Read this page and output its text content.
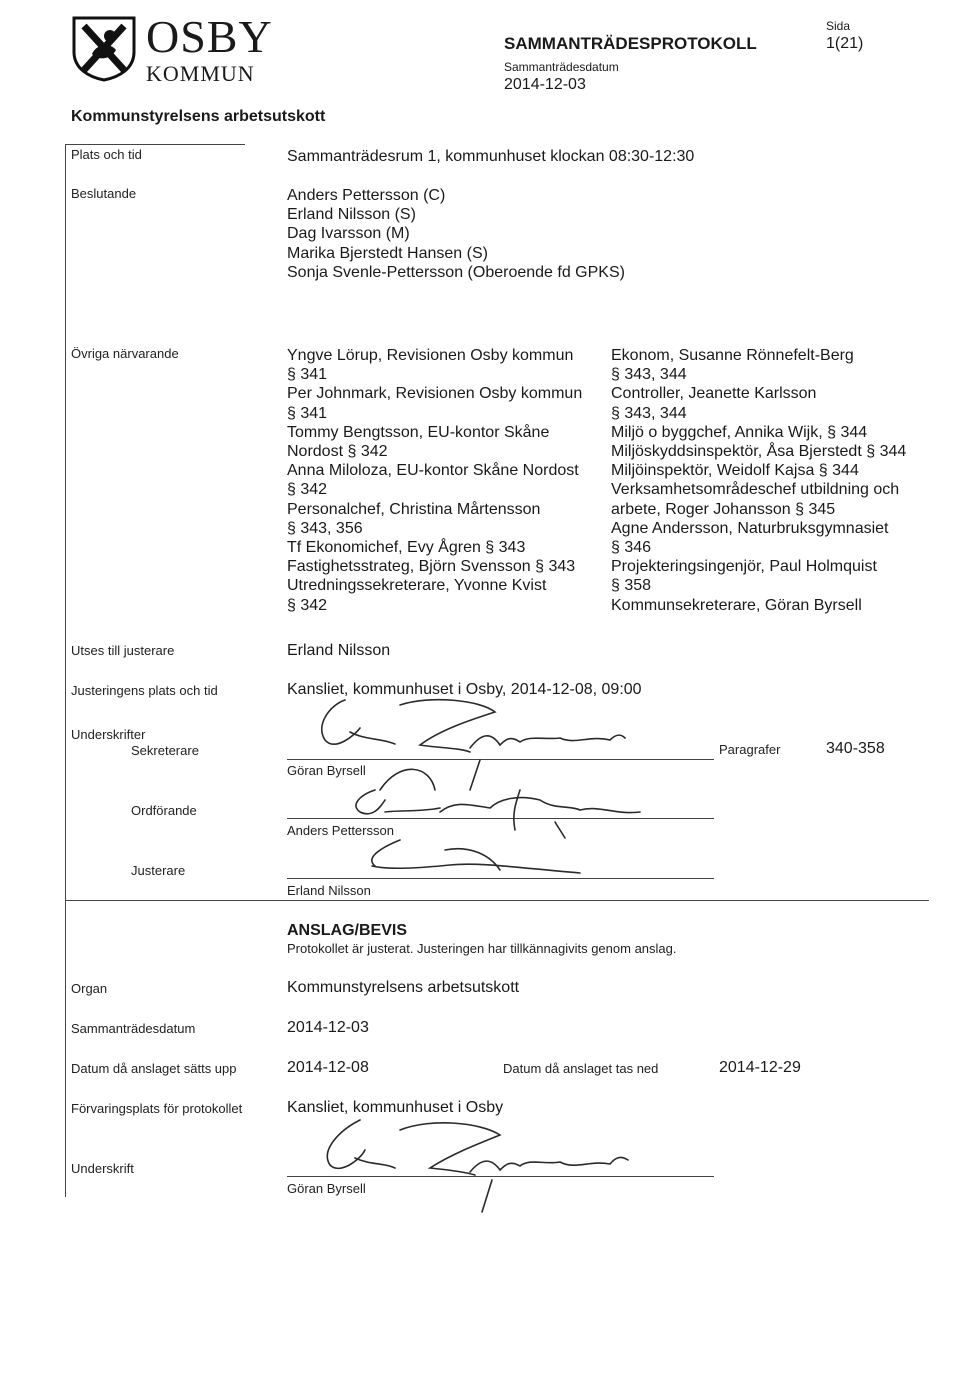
OSBY
KOMMUN
SAMMANTRÄDESPROTOKOLL
Sammanträdesdatum
2014-12-03
Sida
1(21)
Kommunstyrelsens arbetsutskott
Plats och tid	Sammanträdesrum 1, kommunhuset klockan 08:30-12:30
Beslutande	Anders Pettersson (C)
Erland Nilsson (S)
Dag Ivarsson (M)
Marika Bjerstedt Hansen (S)
Sonja Svenle-Pettersson (Oberoende fd GPKS)
Övriga närvarande	Yngve Lörup, Revisionen Osby kommun
§ 341
Per Johnmark, Revisionen Osby kommun
§ 341
Tommy Bengtsson, EU-kontor Skåne
Nordost § 342
Anna Miloloza, EU-kontor Skåne Nordost
§ 342
Personalchef, Christina Mårtensson
§ 343, 356
Tf Ekonomichef, Evy Ågren § 343
Fastighetsstrateg, Björn Svensson § 343
Utredningssekreterare, Yvonne Kvist
§ 342
Ekonom, Susanne Rönnefelt-Berg
§ 343, 344
Controller, Jeanette Karlsson
§ 343, 344
Miljö o byggchef, Annika Wijk, § 344
Miljöskyddsinspektör, Åsa Bjerstedt § 344
Miljöinspektör, Weidolf Kajsa § 344
Verksamhetsområdeschef utbildning och
arbete, Roger Johansson § 345
Agne Andersson, Naturbruksgymnasiet
§ 346
Projekteringsingenjör, Paul Holmquist
§ 358
Kommunsekreterare, Göran Byrsell
Utses till justerare	Erland Nilsson
Justeringens plats och tid	Kansliet, kommunhuset i Osby, 2014-12-08, 09:00
Underskrifter
Sekreterare
Göran Byrsell
Paragrafer	340-358
Ordförande
Anders Pettersson
Justerare
Erland Nilsson
ANSLAG/BEVIS
Protokollet är justerat. Justeringen har tillkännagivits genom anslag.
Organ	Kommunstyrelsens arbetsutskott
Sammanträdesdatum	2014-12-03
Datum då anslaget sätts upp	2014-12-08	Datum då anslaget tas ned	2014-12-29
Förvaringsplats för protokollet	Kansliet, kommunhuset i Osby
Underskrift
Göran Byrsell
